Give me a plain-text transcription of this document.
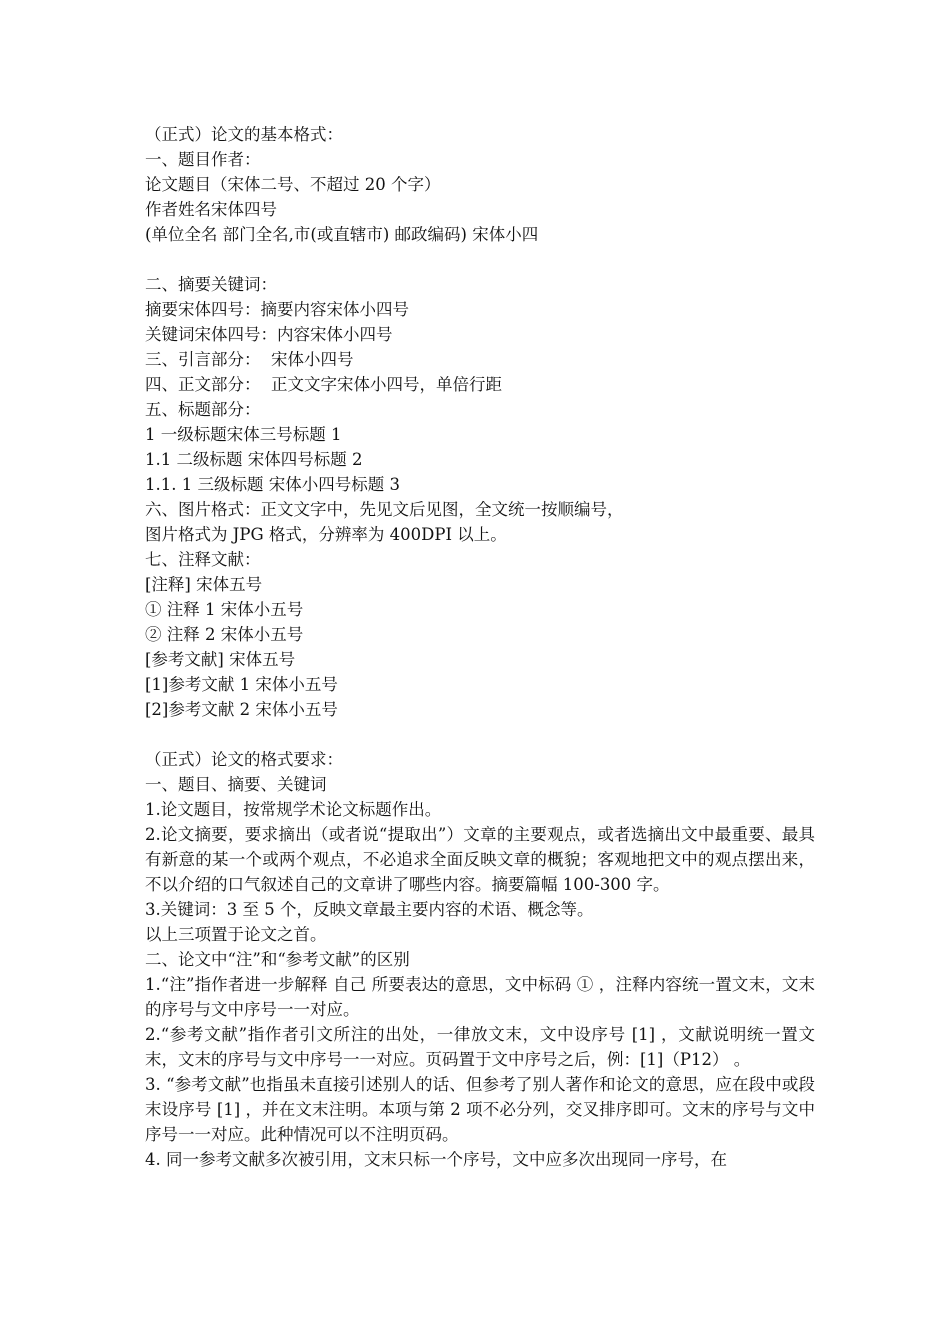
（正式）论文的基本格式：
一、题目作者：
论文题目（宋体二号、不超过 20 个字）
作者姓名宋体四号
(单位全名 部门全名,市(或直辖市) 邮政编码) 宋体小四
二、摘要关键词：
摘要宋体四号：摘要内容宋体小四号
关键词宋体四号：内容宋体小四号
三、引言部分：  宋体小四号
四、正文部分：  正文文字宋体小四号，单倍行距
五、标题部分：
1 一级标题宋体三号标题 1
1.1 二级标题 宋体四号标题 2
1.1. 1 三级标题 宋体小四号标题 3
六、图片格式：正文文字中，先见文后见图，全文统一按顺编号，
图片格式为 JPG 格式，分辨率为 400DPI 以上。
七、注释文献：
[注释] 宋体五号
① 注释 1 宋体小五号
② 注释 2 宋体小五号
[参考文献] 宋体五号
[1]参考文献 1 宋体小五号
[2]参考文献 2 宋体小五号
（正式）论文的格式要求：
一、题目、摘要、关键词
1.论文题目，按常规学术论文标题作出。
2.论文摘要，要求摘出（或者说“提取出”）文章的主要观点，或者选摘出文中最重要、最具有新意的某一个或两个观点，不必追求全面反映文章的概貌；客观地把文中的观点摆出来，不以介绍的口气叙述自己的文章讲了哪些内容。摘要篇幅 100-300 字。
3.关键词：3 至 5 个，反映文章最主要内容的术语、概念等。
以上三项置于论文之首。
二、论文中“注”和“参考文献”的区别
1.“注”指作者进一步解释 自己 所要表达的意思，文中标码 ① ，注释内容统一置文末，文末的序号与文中序号一一对应。
2.“参考文献”指作者引文所注的出处，一律放文末，文中设序号 [1] ，文献说明统一置文末，文末的序号与文中序号一一对应。页码置于文中序号之后，例：[1]（P12） 。
3. “参考文献”也指虽未直接引述别人的话、但参考了别人著作和论文的意思，应在段中或段末设序号 [1] ，并在文末注明。本项与第 2 项不必分列，交叉排序即可。文末的序号与文中序号一一对应。此种情况可以不注明页码。
4. 同一参考文献多次被引用，文末只标一个序号，文中应多次出现同一序号，在
